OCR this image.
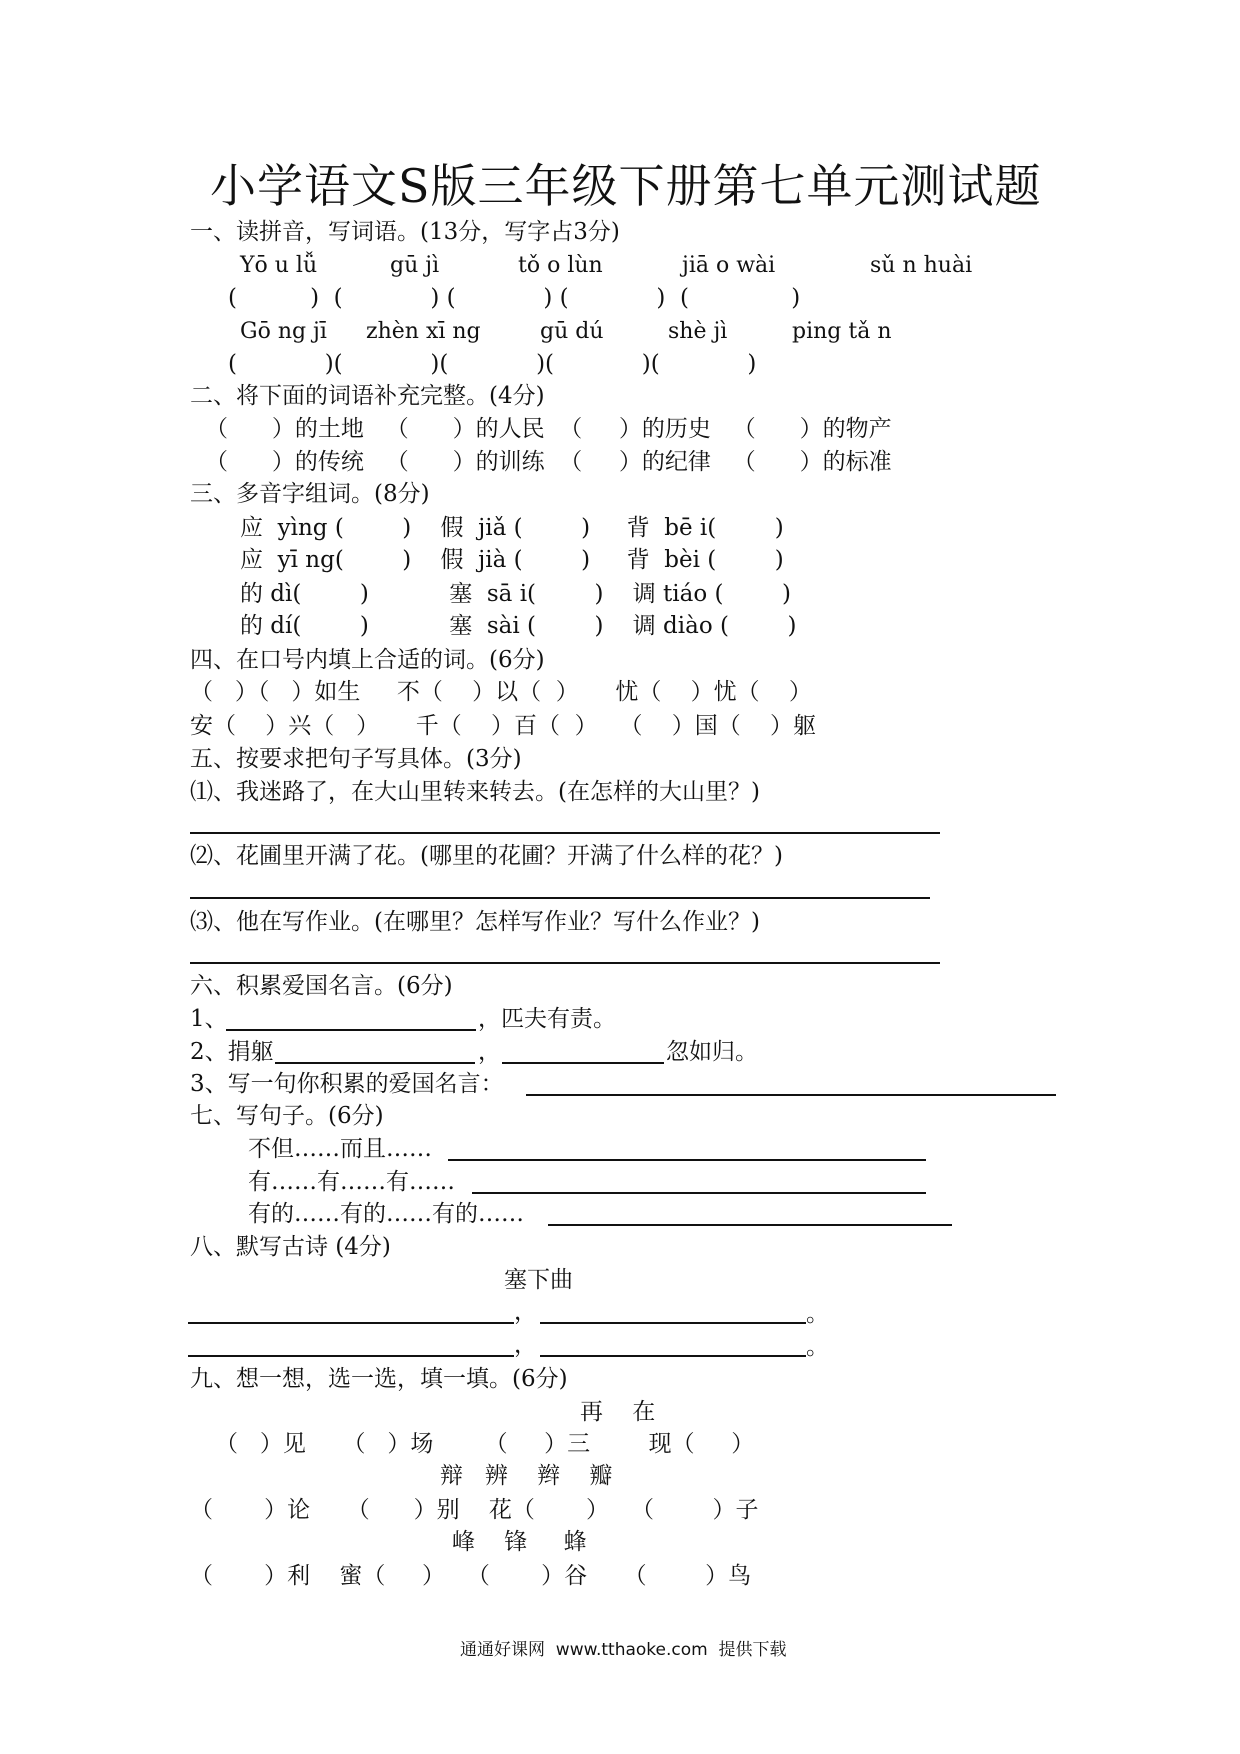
小学语文S版三年级下册第七单元测试题
一、读拼音，写词语。(13分，写字占3分)
Yō u lǚ	gū jì	tǒ o lùn	jiā o wài	sǔ n huài
(          )  (            ) (            ) (            )  (              )
Gō ng jī zhèn xī ng	gū dú	shè jì	ping tǎ n
(            )(            )(            )(            )(            )
二、将下面的词语补充完整。(4分)
（      ）的土地   （      ）的人民  （     ）的历史   （      ）的物产
（      ）的传统   （      ）的训练  （     ）的纪律   （      ）的标准
三、多音字组词。(8分)
应  yìng (        )    假  jiǎ (        )     背  bē i(        )
应  yī ng(        )    假  jià (        )     背  bèi (        )
的 dì(        )           塞  sā i(        )    调 tiáo (        )
的 dí(        )           塞  sài (        )    调 diào (        )
四、在口号内填上合适的词。(6分)
（   ）（   ）如生     不（    ）以（  ）     忧（    ）忧（    ）
安（    ）兴（   ）     千（    ）百（  ）   （    ）国（    ）躯
五、按要求把句子写具体。(3分)
⑴、我迷路了，在大山里转来转去。(在怎样的大山里？)
⑵、花圃里开满了花。(哪里的花圃？开满了什么样的花？)
⑶、他在写作业。(在哪里？怎样写作业？写什么作业？)
六、积累爱国名言。(6分)
1、	，匹夫有责。
2、捐躯	，	忽如归。
3、写一句你积累的爱国名言：
七、写句子。(6分)
不但……而且……
有……有……有……
有的……有的……有的……
八、默写古诗 (4分)
塞下曲
，	。
，	。
九、想一想，选一选，填一填。(6分)
再    在
（   ）见     （   ）场       （     ）三        现（     ）
辩   辨    辫    瓣
（       ）论     （      ）别    花（       ）   （        ）子
峰    锋     蜂
（       ）利    蜜（     ）   （       ）谷     （        ）鸟
通通好课网  www.tthaoke.com  提供下载
